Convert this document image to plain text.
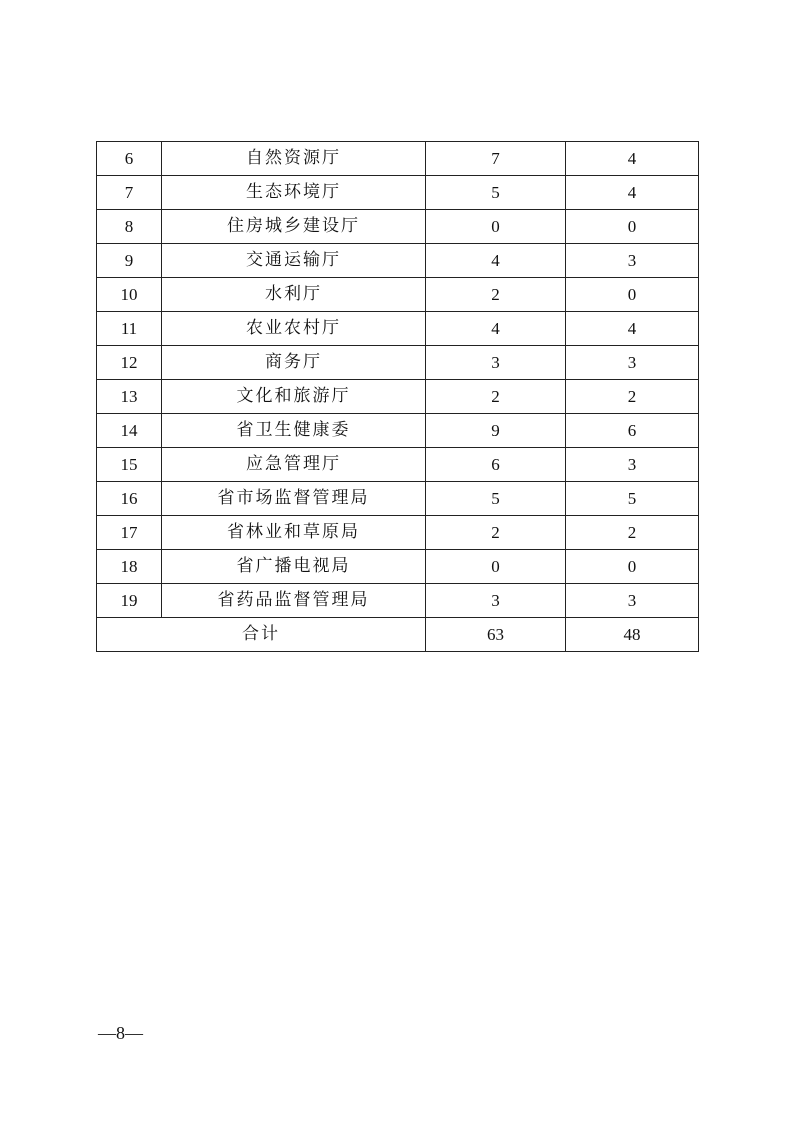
6	自然资源厅	7	4
7	生态环境厅	5	4
8	住房城乡建设厅	0	0
9	交通运输厅	4	3
10	水利厅	2	0
11	农业农村厅	4	4
12	商务厅	3	3
13	文化和旅游厅	2	2
14	省卫生健康委	9	6
15	应急管理厅	6	3
16	省市场监督管理局	5	5
17	省林业和草原局	2	2
18	省广播电视局	0	0
19	省药品监督管理局	3	3
合计		63	48
—8—
